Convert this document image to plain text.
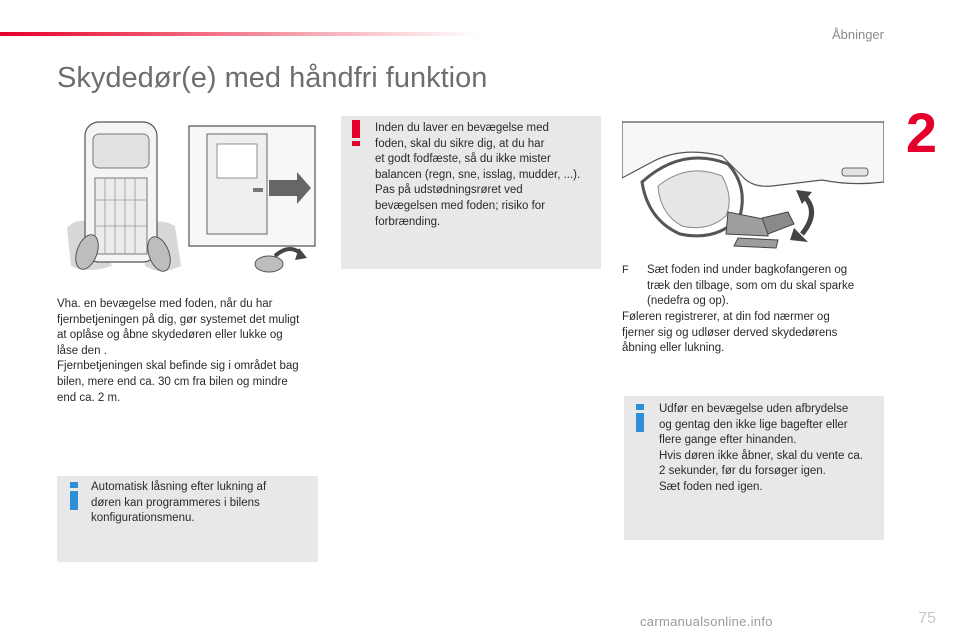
Åbninger
2
Skydedør(e) med håndfri funktion

Vha. en bevægelse med foden, når du har

fjernbetjeningen på dig, gør systemet det muligt

at oplåse og åbne skydedøren eller lukke og

låse den .

Fjernbetjeningen skal befinde sig i området bag

bilen, mere end ca. 30 cm fra bilen og mindre

end ca. 2 m.

Automatisk låsning efter lukning af

døren kan programmeres i bilens

konfigurationsmenu.

Inden du laver en bevægelse med

foden, skal du sikre dig, at du har

et godt fodfæste, så du ikke mister

balancen (regn, sne, isslag, mudder, ...).

Pas på udstødningsrøret ved

bevægelsen med foden; risiko for

forbrænding.

F Sæt foden ind under bagkofangeren og

træk den tilbage, som om du skal sparke

(nedefra og op).

Føleren registrerer, at din fod nærmer og

fjerner sig og udløser derved skydedørens

åbning eller lukning.

Udfør en bevægelse uden afbrydelse

og gentag den ikke lige bagefter eller

flere gange efter hinanden.

Hvis døren ikke åbner, skal du vente ca.

2 sekunder, før du forsøger igen.

Sæt foden ned igen.

carmanualsonline.info	75
